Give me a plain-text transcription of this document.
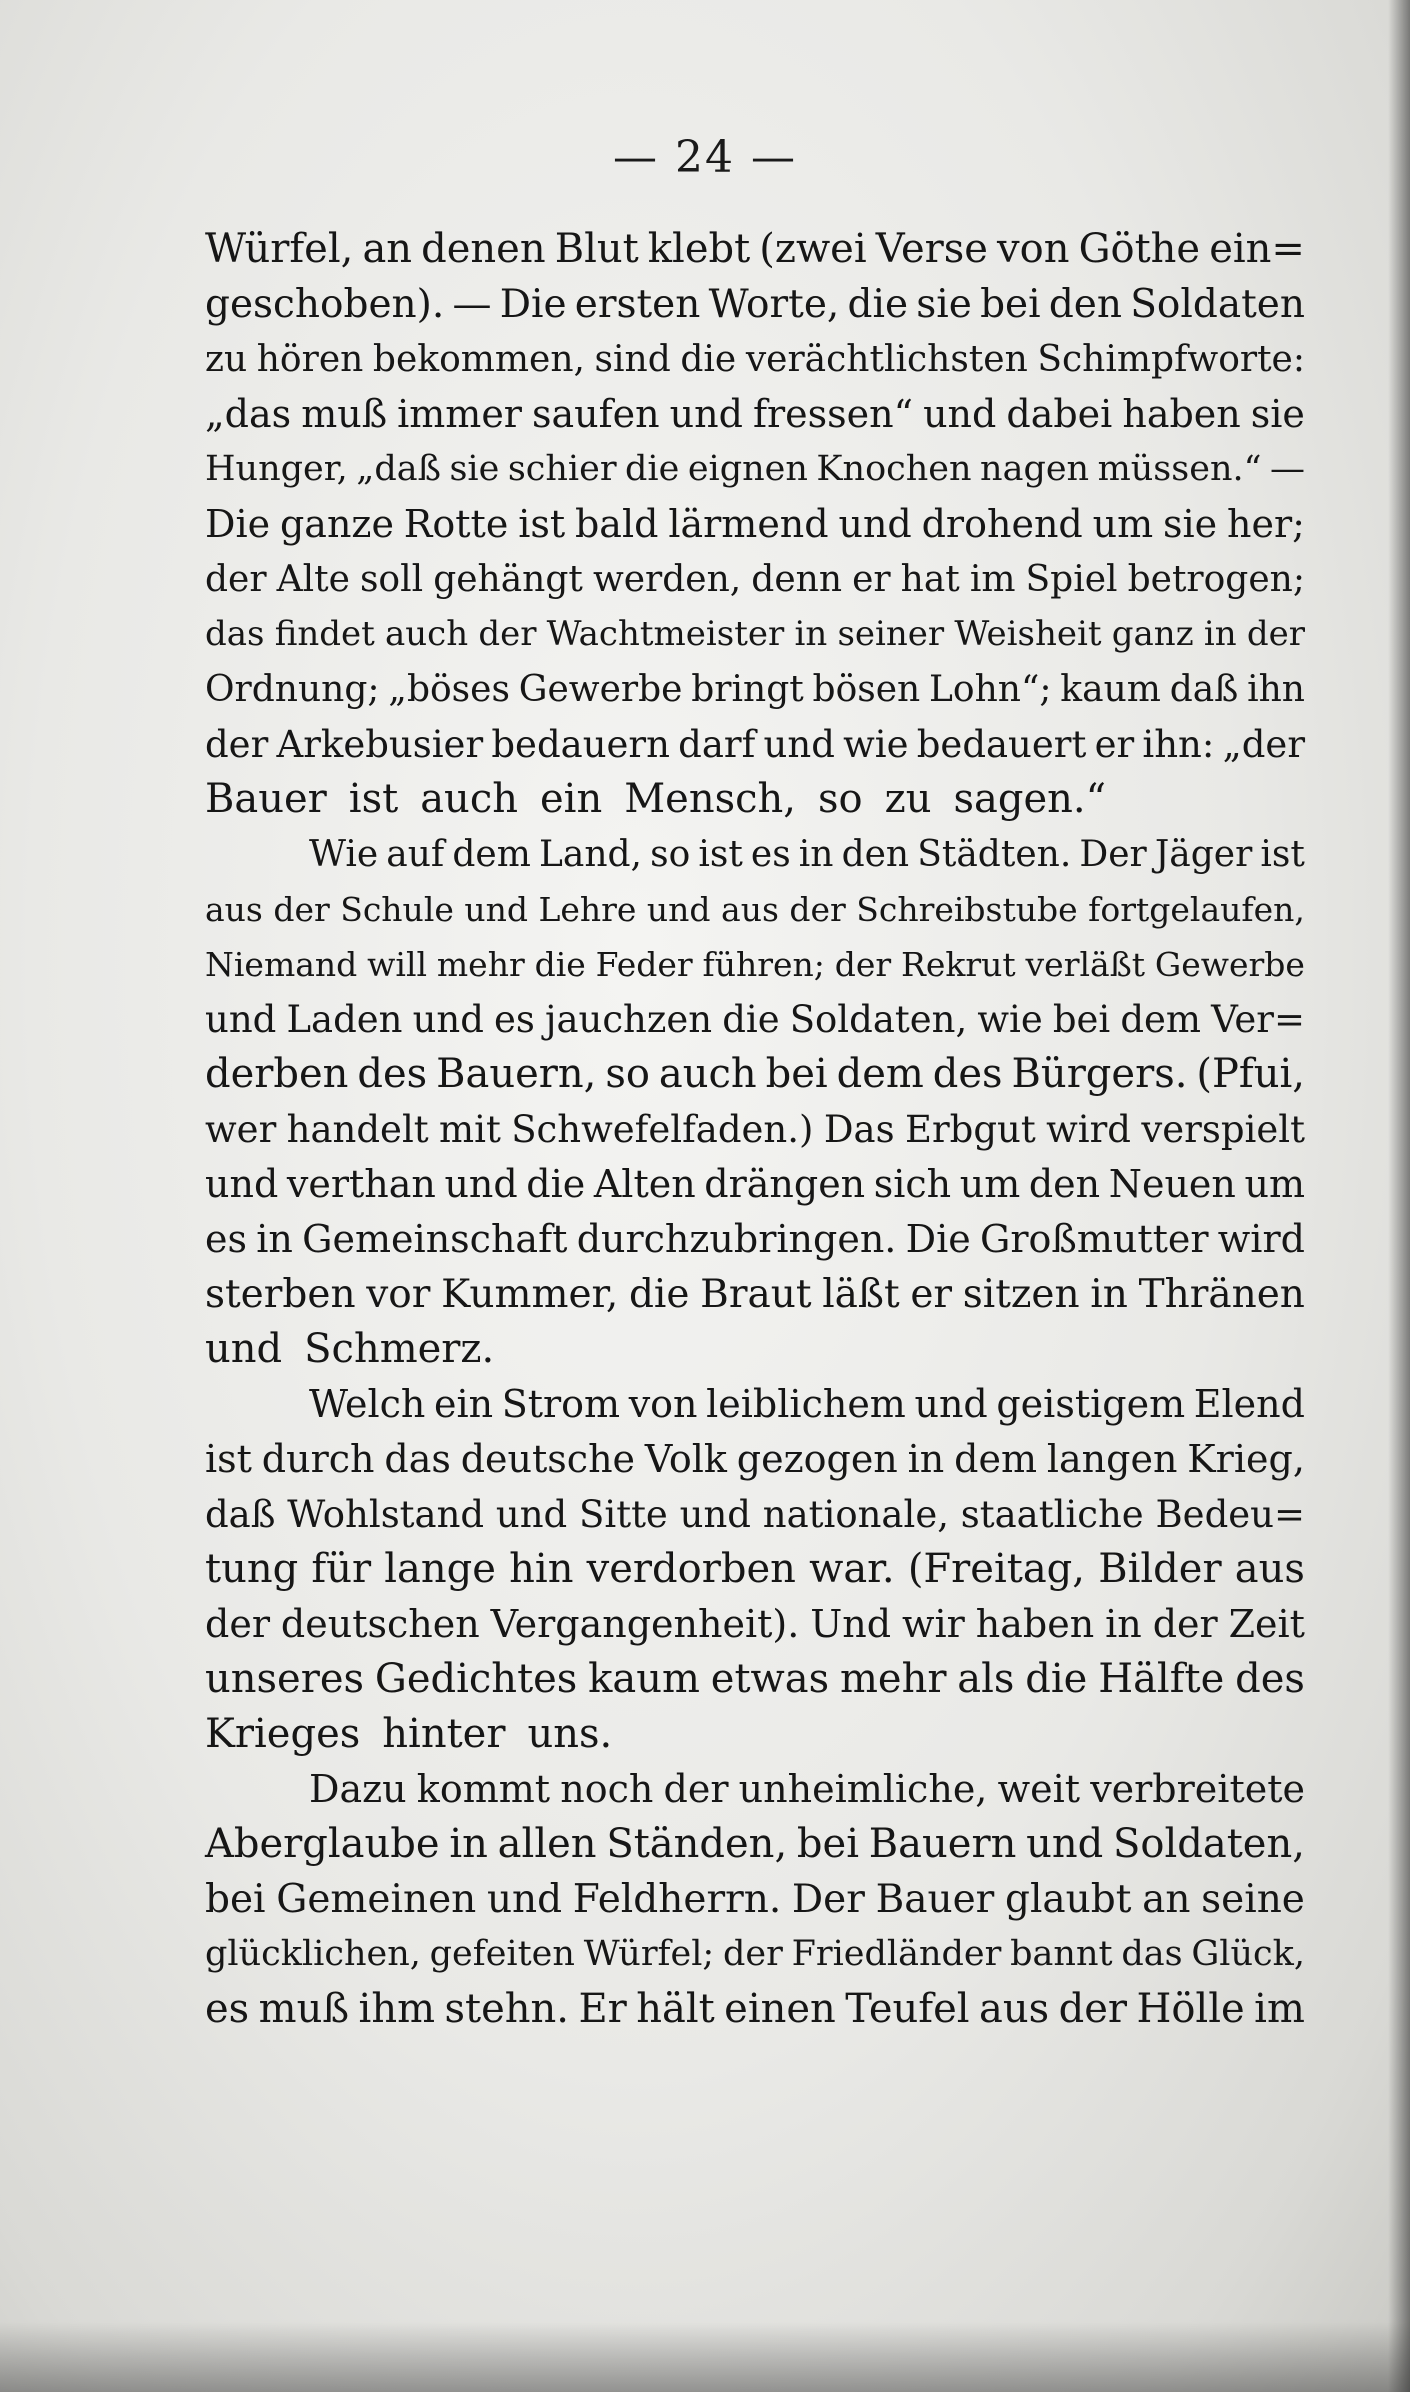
— 24 —
Würfel, an denen Blut klebt (zwei Verse von Göthe ein=
geschoben). — Die ersten Worte, die sie bei den Soldaten
zu hören bekommen, sind die verächtlichsten Schimpfworte:
„das muß immer saufen und fressen“ und dabei haben sie
Hunger, „daß sie schier die eignen Knochen nagen müssen.“ —
Die ganze Rotte ist bald lärmend und drohend um sie her;
der Alte soll gehängt werden, denn er hat im Spiel betrogen;
das findet auch der Wachtmeister in seiner Weisheit ganz in der
Ordnung; „böses Gewerbe bringt bösen Lohn“; kaum daß ihn
der Arkebusier bedauern darf und wie bedauert er ihn: „der
Bauer ist auch ein Mensch, so zu sagen.“
Wie auf dem Land, so ist es in den Städten. Der Jäger ist
aus der Schule und Lehre und aus der Schreibstube fortgelaufen,
Niemand will mehr die Feder führen; der Rekrut verläßt Gewerbe
und Laden und es jauchzen die Soldaten, wie bei dem Ver=
derben des Bauern, so auch bei dem des Bürgers. (Pfui,
wer handelt mit Schwefelfaden.) Das Erbgut wird verspielt
und verthan und die Alten drängen sich um den Neuen um
es in Gemeinschaft durchzubringen. Die Großmutter wird
sterben vor Kummer, die Braut läßt er sitzen in Thränen
und Schmerz.
Welch ein Strom von leiblichem und geistigem Elend
ist durch das deutsche Volk gezogen in dem langen Krieg,
daß Wohlstand und Sitte und nationale, staatliche Bedeu=
tung für lange hin verdorben war. (Freitag, Bilder aus
der deutschen Vergangenheit). Und wir haben in der Zeit
unseres Gedichtes kaum etwas mehr als die Hälfte des
Krieges hinter uns.
Dazu kommt noch der unheimliche, weit verbreitete
Aberglaube in allen Ständen, bei Bauern und Soldaten,
bei Gemeinen und Feldherrn. Der Bauer glaubt an seine
glücklichen, gefeiten Würfel; der Friedländer bannt das Glück,
es muß ihm stehn. Er hält einen Teufel aus der Hölle im
